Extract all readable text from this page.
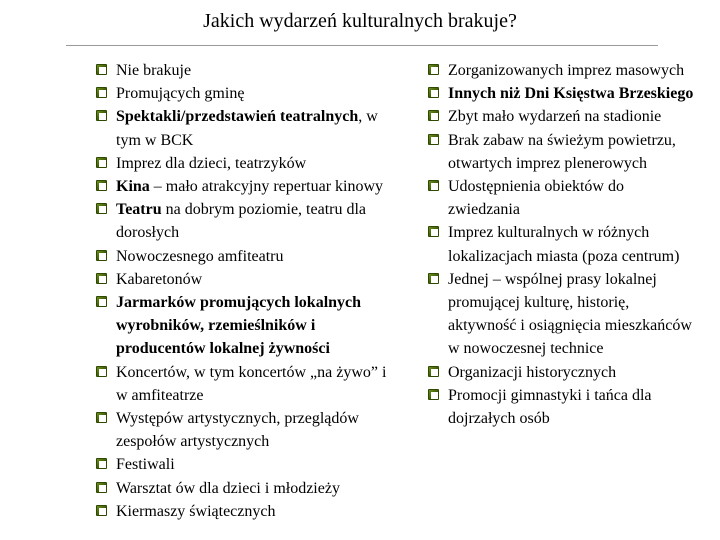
Jakich wydarzeń kulturalnych brakuje?
Nie brakuje
Promujących gminę
Spektakli/przedstawień teatralnych, w tym w BCK
Imprez dla dzieci, teatrzyków
Kina – mało atrakcyjny repertuar kinowy
Teatru na dobrym poziomie, teatru dla dorosłych
Nowoczesnego amfiteatru
Kabaretonów
Jarmarków promujących lokalnych wyrobników, rzemieślników i producentów lokalnej żywności
Koncertów, w tym koncertów „na żywo” i w amfiteatrze
Występów artystycznych, przeglądów zespołów artystycznych
Festiwali
Warsztat ów dla dzieci i młodzieży
Kiermaszy świątecznych
Zorganizowanych imprez masowych
Innych niż Dni Księstwa Brzeskiego
Zbyt mało wydarzeń na stadionie
Brak zabaw na świeżym powietrzu, otwartych imprez plenerowych
Udostępnienia obiektów do zwiedzania
Imprez kulturalnych w różnych lokalizacjach miasta (poza centrum)
Jednej – wspólnej prasy lokalnej promującej kulturę, historię, aktywność i osiągnięcia mieszkańców w nowoczesnej technice
Organizacji historycznych
Promocji gimnastyki i tańca dla dojrzałych osób
